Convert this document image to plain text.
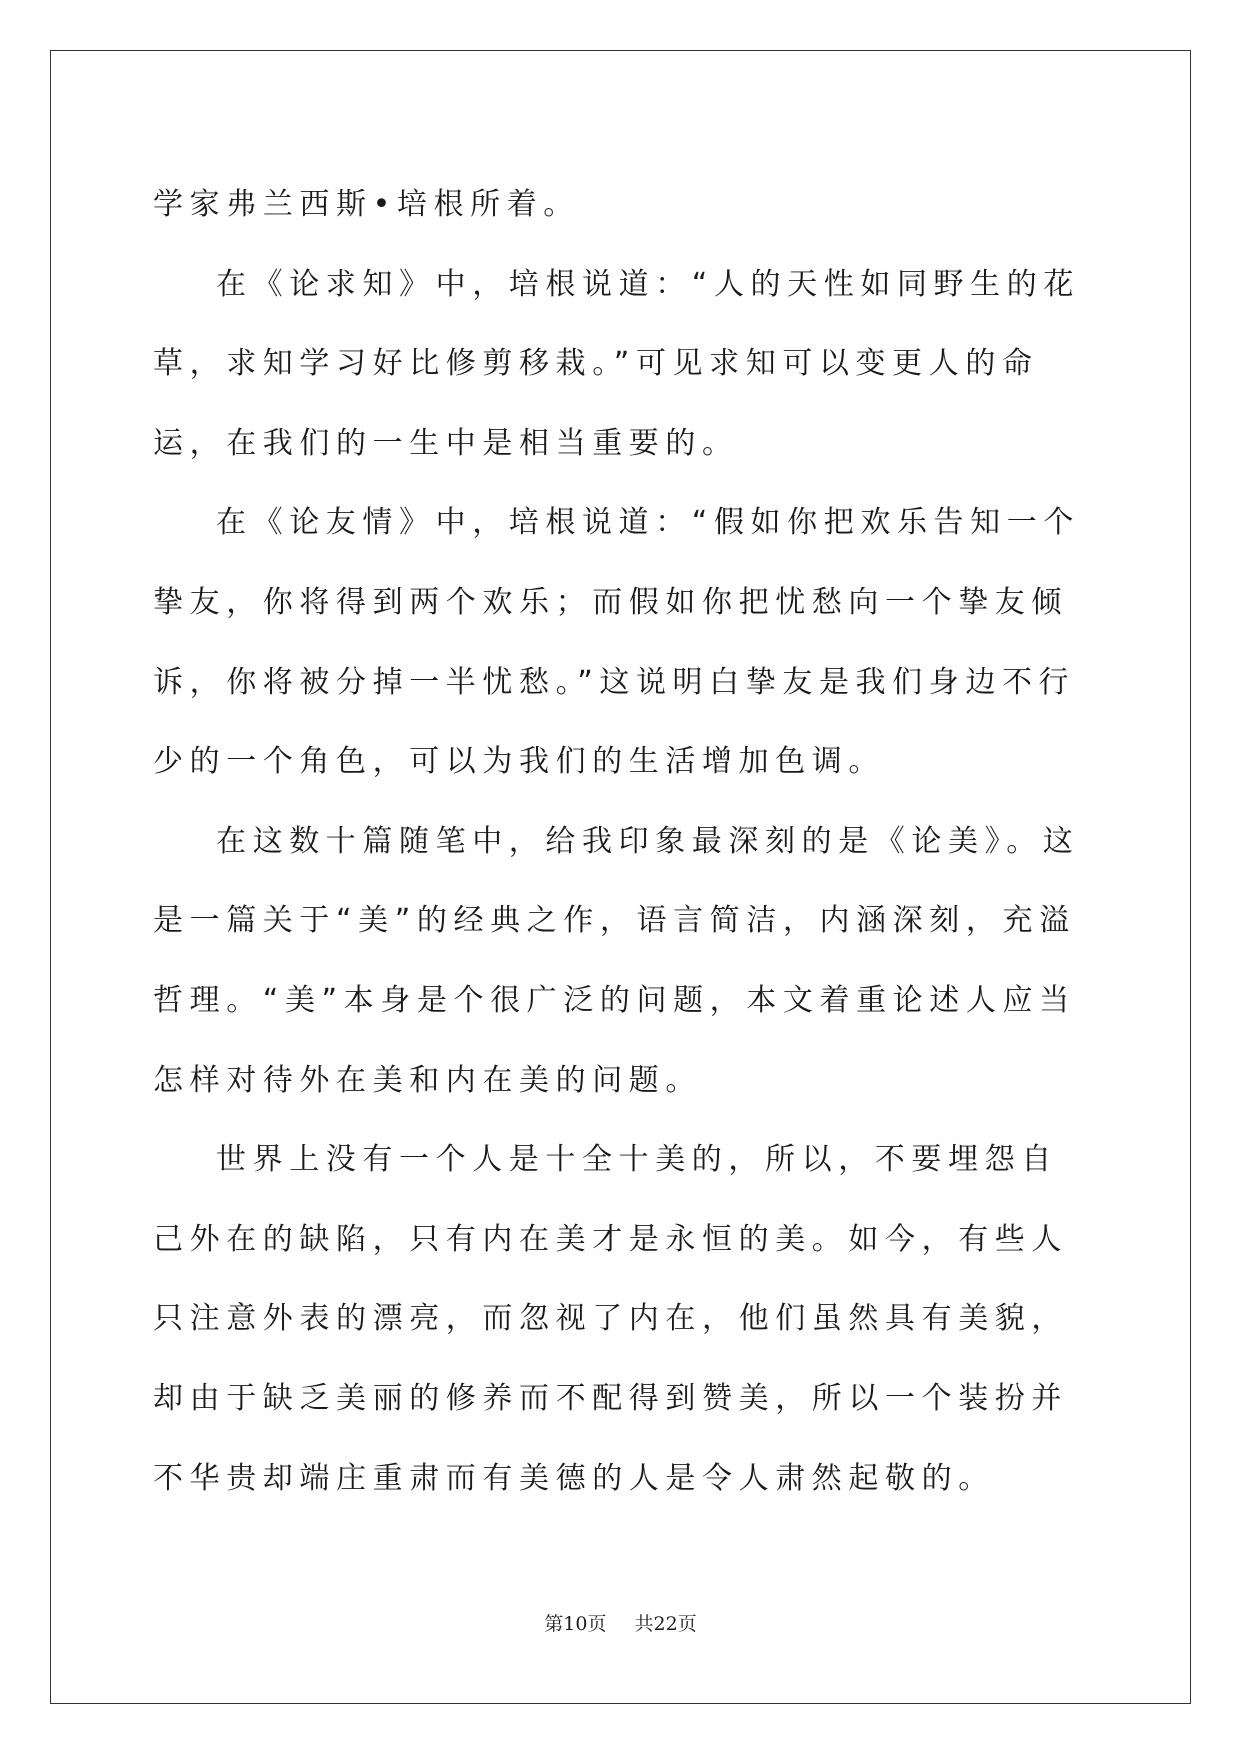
学家弗兰西斯•培根所着。

在《论求知》中，培根说道：“人的天性如同野生的花草，求知学习好比修剪移栽。”可见求知可以变更人的命运，在我们的一生中是相当重要的。

在《论友情》中，培根说道：“假如你把欢乐告知一个挚友，你将得到两个欢乐；而假如你把忧愁向一个挚友倾诉，你将被分掉一半忧愁。”这说明白挚友是我们身边不行少的一个角色，可以为我们的生活增加色调。

在这数十篇随笔中，给我印象最深刻的是《论美》。这是一篇关于“美”的经典之作，语言简洁，内涵深刻，充溢哲理。“美”本身是个很广泛的问题，本文着重论述人应当怎样对待外在美和内在美的问题。

世界上没有一个人是十全十美的，所以，不要埋怨自己外在的缺陷，只有内在美才是永恒的美。如今，有些人只注意外表的漂亮，而忽视了内在，他们虽然具有美貌，却由于缺乏美丽的修养而不配得到赞美，所以一个装扮并不华贵却端庄重肃而有美德的人是令人肃然起敬的。

第10页 共22页
